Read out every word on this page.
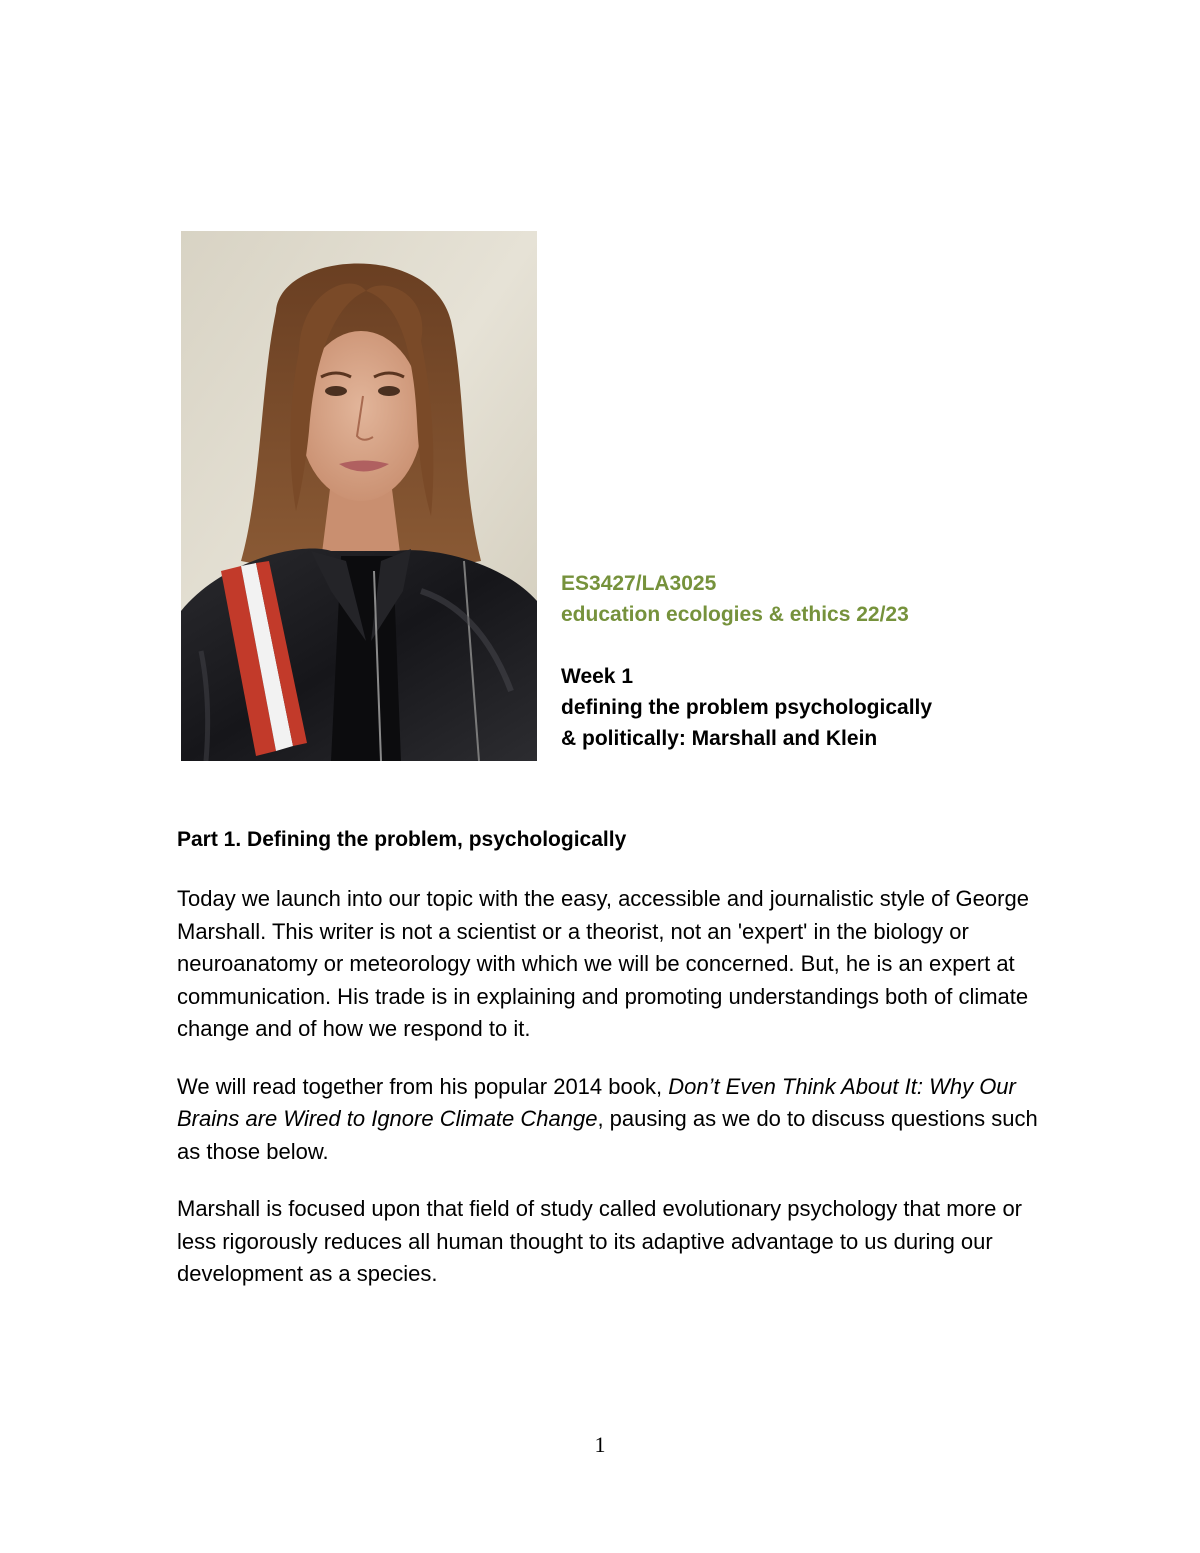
ES3427/LA3025
education ecologies & ethics 22/23
Week 1
defining the problem psychologically
& politically: Marshall and Klein
Part 1. Defining the problem, psychologically

Today we launch into our topic with the easy, accessible and journalistic style of George Marshall. This writer is not a scientist or a theorist, not an 'expert' in the biology or neuroanatomy or meteorology with which we will be concerned. But, he is an expert at communication. His trade is in explaining and promoting understandings both of climate change and of how we respond to it.

We will read together from his popular 2014 book, Don’t Even Think About It: Why Our Brains are Wired to Ignore Climate Change, pausing as we do to discuss questions such as those below.

Marshall is focused upon that field of study called evolutionary psychology that more or less rigorously reduces all human thought to its adaptive advantage to us during our development as a species.

1
